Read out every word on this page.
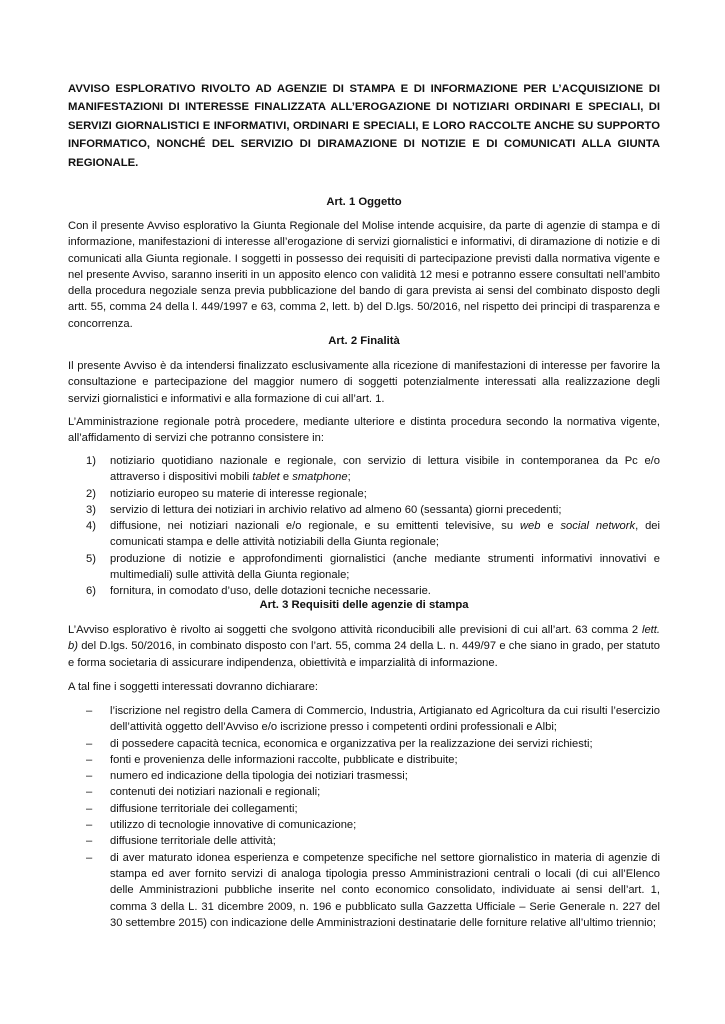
AVVISO ESPLORATIVO RIVOLTO AD AGENZIE DI STAMPA E DI INFORMAZIONE PER L’ACQUISIZIONE DI MANIFESTAZIONI DI INTERESSE FINALIZZATA ALL’EROGAZIONE DI NOTIZIARI ORDINARI E SPECIALI, DI SERVIZI GIORNALISTICI E INFORMATIVI, ORDINARI E SPECIALI, E LORO RACCOLTE ANCHE SU SUPPORTO INFORMATICO, NONCHÉ DEL SERVIZIO DI DIRAMAZIONE DI NOTIZIE E DI COMUNICATI ALLA GIUNTA REGIONALE.

Art. 1 Oggetto

Con il presente Avviso esplorativo la Giunta Regionale del Molise intende acquisire, da parte di agenzie di stampa e di informazione, manifestazioni di interesse all’erogazione di servizi giornalistici e informativi, di diramazione di notizie e di comunicati alla Giunta regionale. I soggetti in possesso dei requisiti di partecipazione previsti dalla normativa vigente e nel presente Avviso, saranno inseriti in un apposito elenco con validità 12 mesi e potranno essere consultati nell’ambito della procedura negoziale senza previa pubblicazione del bando di gara prevista ai sensi del combinato disposto degli artt. 55, comma 24 della l. 449/1997 e 63, comma 2, lett. b) del D.lgs. 50/2016, nel rispetto dei principi di trasparenza e concorrenza.

Art. 2 Finalità

Il presente Avviso è da intendersi finalizzato esclusivamente alla ricezione di manifestazioni di interesse per favorire la consultazione e partecipazione del maggior numero di soggetti potenzialmente interessati alla realizzazione degli servizi giornalistici e informativi e alla formazione di cui all’art. 1.

L’Amministrazione regionale potrà procedere, mediante ulteriore e distinta procedura secondo la normativa vigente, all’affidamento di servizi che potranno consistere in:

1) notiziario quotidiano nazionale e regionale, con servizio di lettura visibile in contemporanea da Pc e/o attraverso i dispositivi mobili tablet e smatphone;
2) notiziario europeo su materie di interesse regionale;
3) servizio di lettura dei notiziari in archivio relativo ad almeno 60 (sessanta) giorni precedenti;
4) diffusione, nei notiziari nazionali e/o regionale, e su emittenti televisive, su web e social network, dei comunicati stampa e delle attività notiziabili della Giunta regionale;
5) produzione di notizie e approfondimenti giornalistici (anche mediante strumenti informativi innovativi e multimediali) sulle attività della Giunta regionale;
6) fornitura, in comodato d’uso, delle dotazioni tecniche necessarie.

Art. 3 Requisiti delle agenzie di stampa

L’Avviso esplorativo è rivolto ai soggetti che svolgono attività riconducibili alle previsioni di cui all’art. 63 comma 2 lett. b) del D.lgs. 50/2016, in combinato disposto con l’art. 55, comma 24 della L. n. 449/97 e che siano in grado, per statuto e forma societaria di assicurare indipendenza, obiettività e imparzialità di informazione.

A tal fine i soggetti interessati dovranno dichiarare:

– l’iscrizione nel registro della Camera di Commercio, Industria, Artigianato ed Agricoltura da cui risulti l’esercizio dell’attività oggetto dell’Avviso e/o iscrizione presso i competenti ordini professionali e Albi;
– di possedere capacità tecnica, economica e organizzativa per la realizzazione dei servizi richiesti;
– fonti e provenienza delle informazioni raccolte, pubblicate e distribuite;
– numero ed indicazione della tipologia dei notiziari trasmessi;
– contenuti dei notiziari nazionali e regionali;
– diffusione territoriale dei collegamenti;
– utilizzo di tecnologie innovative di comunicazione;
– diffusione territoriale delle attività;
– di aver maturato idonea esperienza e competenze specifiche nel settore giornalistico in materia di agenzie di stampa ed aver fornito servizi di analoga tipologia presso Amministrazioni centrali o locali (di cui all’Elenco delle Amministrazioni pubbliche inserite nel conto economico consolidato, individuate ai sensi dell’art. 1, comma 3 della L. 31 dicembre 2009, n. 196 e pubblicato sulla Gazzetta Ufficiale – Serie Generale n. 227 del 30 settembre 2015) con indicazione delle Amministrazioni destinatarie delle forniture relative all’ultimo triennio;
